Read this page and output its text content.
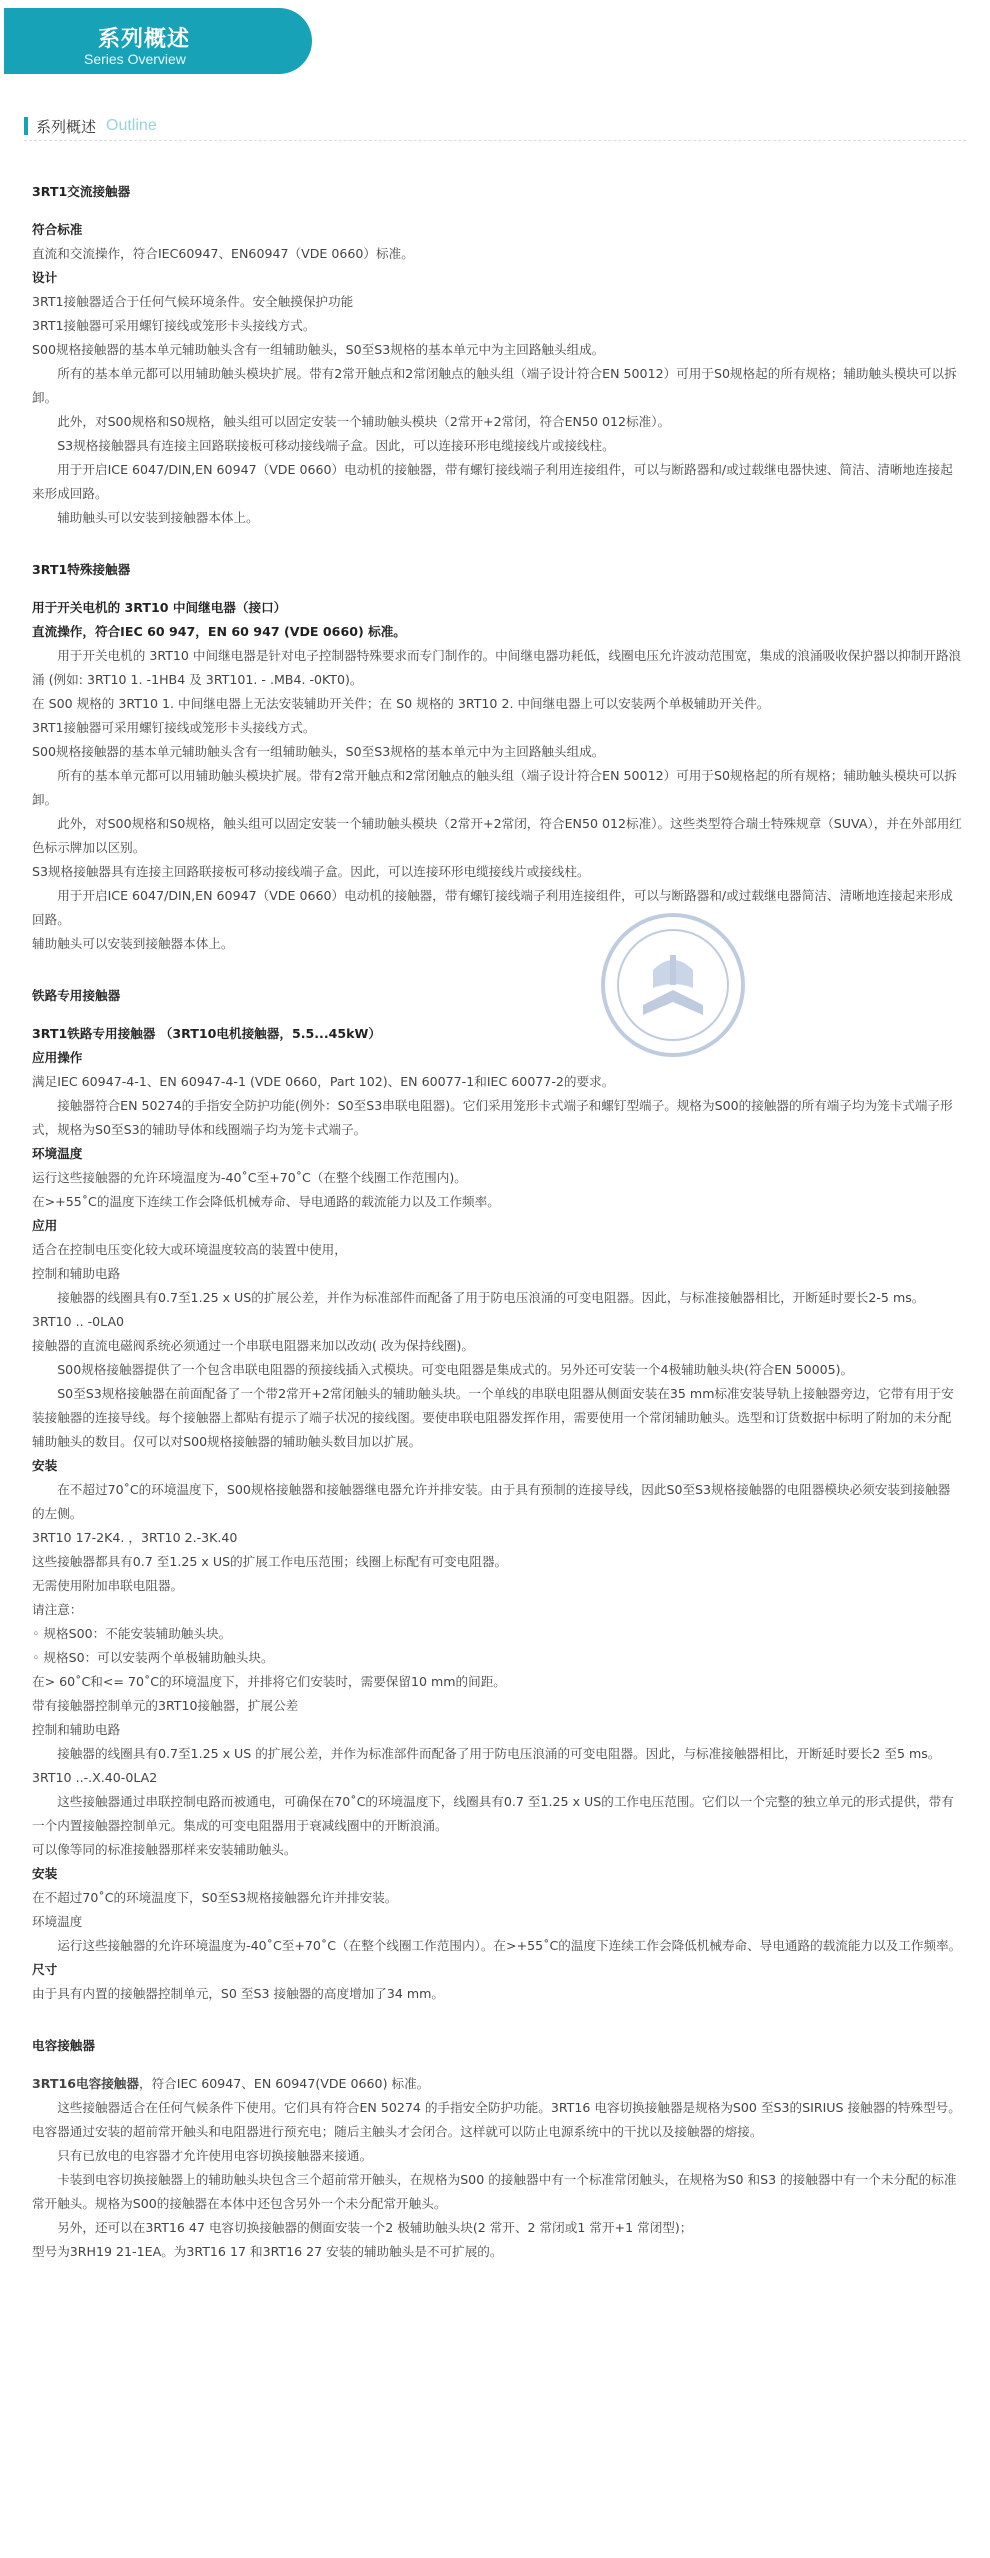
系列概述
Series Overview
系列概述 Outline

3RT1交流接触器

符合标准

直流和交流操作，符合IEC60947、EN60947（VDE 0660）标准。

设计

3RT1接触器适合于任何气候环境条件。安全触摸保护功能

3RT1接触器可采用螺钉接线或笼形卡头接线方式。

S00规格接触器的基本单元辅助触头含有一组辅助触头，S0至S3规格的基本单元中为主回路触头组成。

所有的基本单元都可以用辅助触头模块扩展。带有2常开触点和2常闭触点的触头组（端子设计符合EN 50012）可用于S0规格起的所有规格；辅助触头模块可以拆卸。

此外，对S00规格和S0规格，触头组可以固定安装一个辅助触头模块（2常开+2常闭，符合EN50 012标准）。

S3规格接触器具有连接主回路联接板可移动接线端子盒。因此，可以连接环形电缆接线片或接线柱。

用于开启ICE 6047/DIN,EN 60947（VDE 0660）电动机的接触器，带有螺钉接线端子利用连接组件，可以与断路器和/或过载继电器快速、简洁、清晰地连接起来形成回路。

辅助触头可以安装到接触器本体上。

3RT1特殊接触器

用于开关电机的 3RT10 中间继电器（接口）

直流操作，符合IEC 60 947，EN 60 947 (VDE 0660) 标准。

用于开关电机的 3RT10 中间继电器是针对电子控制器特殊要求而专门制作的。中间继电器功耗低，线圈电压允许波动范围宽，集成的浪涌吸收保护器以抑制开路浪涌 (例如: 3RT10 1. -1HB4 及 3RT101. - .MB4. -0KT0)。

在 S00 规格的 3RT10 1. 中间继电器上无法安装辅助开关件；在 S0 规格的 3RT10 2. 中间继电器上可以安装两个单极辅助开关件。

3RT1接触器可采用螺钉接线或笼形卡头接线方式。

S00规格接触器的基本单元辅助触头含有一组辅助触头，S0至S3规格的基本单元中为主回路触头组成。

所有的基本单元都可以用辅助触头模块扩展。带有2常开触点和2常闭触点的触头组（端子设计符合EN 50012）可用于S0规格起的所有规格；辅助触头模块可以拆卸。

此外，对S00规格和S0规格，触头组可以固定安装一个辅助触头模块（2常开+2常闭，符合EN50 012标准）。这些类型符合瑞士特殊规章（SUVA），并在外部用红色标示牌加以区别。

S3规格接触器具有连接主回路联接板可移动接线端子盒。因此，可以连接环形电缆接线片或接线柱。

用于开启ICE 6047/DIN,EN 60947（VDE 0660）电动机的接触器，带有螺钉接线端子利用连接组件，可以与断路器和/或过载继电器简洁、清晰地连接起来形成回路。

辅助触头可以安装到接触器本体上。

铁路专用接触器

3RT1铁路专用接触器 （3RT10电机接触器，5.5...45kW）

应用操作

满足IEC 60947-4-1、EN 60947-4-1 (VDE 0660，Part 102)、EN 60077-1和IEC 60077-2的要求。

接触器符合EN 50274的手指安全防护功能(例外：S0至S3串联电阻器)。它们采用笼形卡式端子和螺钉型端子。规格为S00的接触器的所有端子均为笼卡式端子形式，规格为S0至S3的辅助导体和线圈端子均为笼卡式端子。

环境温度

运行这些接触器的允许环境温度为-40˚C至+70˚C（在整个线圈工作范围内)。

在>+55˚C的温度下连续工作会降低机械寿命、导电通路的载流能力以及工作频率。

应用

适合在控制电压变化较大或环境温度较高的装置中使用，

控制和辅助电路

接触器的线圈具有0.7至1.25 x US的扩展公差，并作为标准部件而配备了用于防电压浪涌的可变电阻器。因此，与标准接触器相比，开断延时要长2-5 ms。

3RT10 .. -0LA0

接触器的直流电磁阀系统必须通过一个串联电阻器来加以改动( 改为保持线圈)。

S00规格接触器提供了一个包含串联电阻器的预接线插入式模块。可变电阻器是集成式的。另外还可安装一个4极辅助触头块(符合EN 50005)。

S0至S3规格接触器在前面配备了一个带2常开+2常闭触头的辅助触头块。一个单线的串联电阻器从侧面安装在35 mm标准安装导轨上接触器旁边，它带有用于安装接触器的连接导线。每个接触器上都贴有提示了端子状况的接线图。要使串联电阻器发挥作用，需要使用一个常闭辅助触头。选型和订货数据中标明了附加的未分配辅助触头的数目。仅可以对S00规格接触器的辅助触头数目加以扩展。

安装

在不超过70˚C的环境温度下，S00规格接触器和接触器继电器允许并排安装。由于具有预制的连接导线，因此S0至S3规格接触器的电阻器模块必须安装到接触器的左侧。

3RT10 17-2K4. ，3RT10 2.-3K.40

这些接触器都具有0.7 至1.25 x US的扩展工作电压范围；线圈上标配有可变电阻器。

无需使用附加串联电阻器。

请注意：

◦ 规格S00：不能安装辅助触头块。

◦ 规格S0：可以安装两个单极辅助触头块。

在> 60˚C和<= 70˚C的环境温度下，并排将它们安装时，需要保留10 mm的间距。

带有接触器控制单元的3RT10接触器，扩展公差

控制和辅助电路

接触器的线圈具有0.7至1.25 x US 的扩展公差，并作为标准部件而配备了用于防电压浪涌的可变电阻器。因此，与标准接触器相比，开断延时要长2 至5 ms。

3RT10 ..-.X.40-0LA2

这些接触器通过串联控制电路而被通电，可确保在70˚C的环境温度下，线圈具有0.7 至1.25 x US的工作电压范围。它们以一个完整的独立单元的形式提供，带有一个内置接触器控制单元。集成的可变电阻器用于衰减线圈中的开断浪涌。

可以像等同的标准接触器那样来安装辅助触头。

安装

在不超过70˚C的环境温度下，S0至S3规格接触器允许并排安装。

环境温度

运行这些接触器的允许环境温度为-40˚C至+70˚C（在整个线圈工作范围内）。在>+55˚C的温度下连续工作会降低机械寿命、导电通路的载流能力以及工作频率。

尺寸

由于具有内置的接触器控制单元，S0 至S3 接触器的高度增加了34 mm。

电容接触器

3RT16电容接触器，符合IEC 60947、EN 60947(VDE 0660) 标准。

这些接触器适合在任何气候条件下使用。它们具有符合EN 50274 的手指安全防护功能。3RT16 电容切换接触器是规格为S00 至S3的SIRIUS 接触器的特殊型号。电容器通过安装的超前常开触头和电阻器进行预充电；随后主触头才会闭合。这样就可以防止电源系统中的干扰以及接触器的熔接。

只有已放电的电容器才允许使用电容切换接触器来接通。

卡装到电容切换接触器上的辅助触头块包含三个超前常开触头，在规格为S00 的接触器中有一个标准常闭触头，在规格为S0 和S3 的接触器中有一个未分配的标准常开触头。规格为S00的接触器在本体中还包含另外一个未分配常开触头。

另外，还可以在3RT16 47 电容切换接触器的侧面安装一个2 极辅助触头块(2 常开、2 常闭或1 常开+1 常闭型)；

型号为3RH19 21-1EA。为3RT16 17 和3RT16 27 安装的辅助触头是不可扩展的。
